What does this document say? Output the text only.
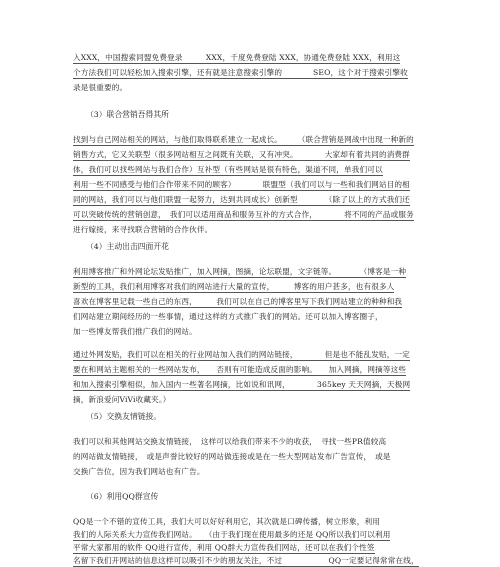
入XXX，中国搜索同盟免费登录　　　XXX，千度免费登陆 XXX，协通免费登陆 XXX，利用这
个方法我们可以轻松加入搜索引擎，还有就是注意搜索引擎的　　　　SEO，这个对于搜索引擎收
录是很重要的。
（3）联合营销吾得其所
找到与自己网站相关的网站，与他们取得联系建立一起成长。　　　（联合营销是网战中出现一种新的
销售方式，它又关联型（很多网站相互之间既有关联，又有冲突。　　　　大家却有着共同的消费群
体，我们可以找些网站与我们合作）互补型（有些网站是很有特色，渠道不同，单我们可以
利用一些不同感受与他们合作带来不同的顾客）　　　　联盟型（我们可以与一些和我们网站目的相
同的网站，我们可以与他们联盟一起努力，达到共同成长）创新型　　　　（除了以上的方式我们还
可以突破传统的营销创意，　我们可以适用商品和服务互补的方式合作，　　　　将不同的产品或服务
进行嫁接，来寻找联合营销的合作伙伴。
（4）主动出击四面开花
利用博客推广和外网论坛发贴推广，加入网摘，图摘，论坛联盟，文字链等。　　　　（博客是一种
新型的工具，我们利用博客对我们的网站进行大量的宣传，　　　博客的用户甚多，也有很多人
喜欢在博客里记载一些自己的东西，　　　我们可以在自己的博客里写下我们网站建立的种种和我
们网站建立期间经历的一些事情，通过这样的方式推广我们的网站。还可以加入博客圈子，
加一些博友帮我们推广我们的网站。
通过外网发贴，我们可以在相关的行业网站加入我们的网站链接，　　　　但是也不能乱发贴，一定
要在和网站主题相关的一些网站发布，　　否则有可能造成反面的影响。　　加入网摘，网摘等这些
和加入搜索引擎相似，加入国内一些著名网摘，比如说和讯网，　　　　365key 天天网摘，天极网
摘，新浪爱问ViVi收藏夹。）
（5）交换友情链接。
我们可以和其他网站交换友情链接，　这样可以给我们带来不少的收获，　寻找一些PR值较高
的网站做友情链接，　或是声誉比较好的网站做连接或是在一些大型网站发布广告宣传，　或是
交换广告位，因为我们网站也有广告。
（6）利用QQ群宣传
QQ是一个不错的宣传工具，我们大可以好好利用它，其次就是口碑传播，树立形象，利用
我们的人际关系大力宣传我们网站。　　（由于我们现在使用最多的还是 QQ所以我们可以利用
平常大家都用的软件 QQ进行宣传，利用 QQ群大力宣传我们网站，还可以在我们个性签
名留下我们开网站的信息这样可以吸引不少的朋友关注，不过　　　　　　QQ一定要记得常常在线，
